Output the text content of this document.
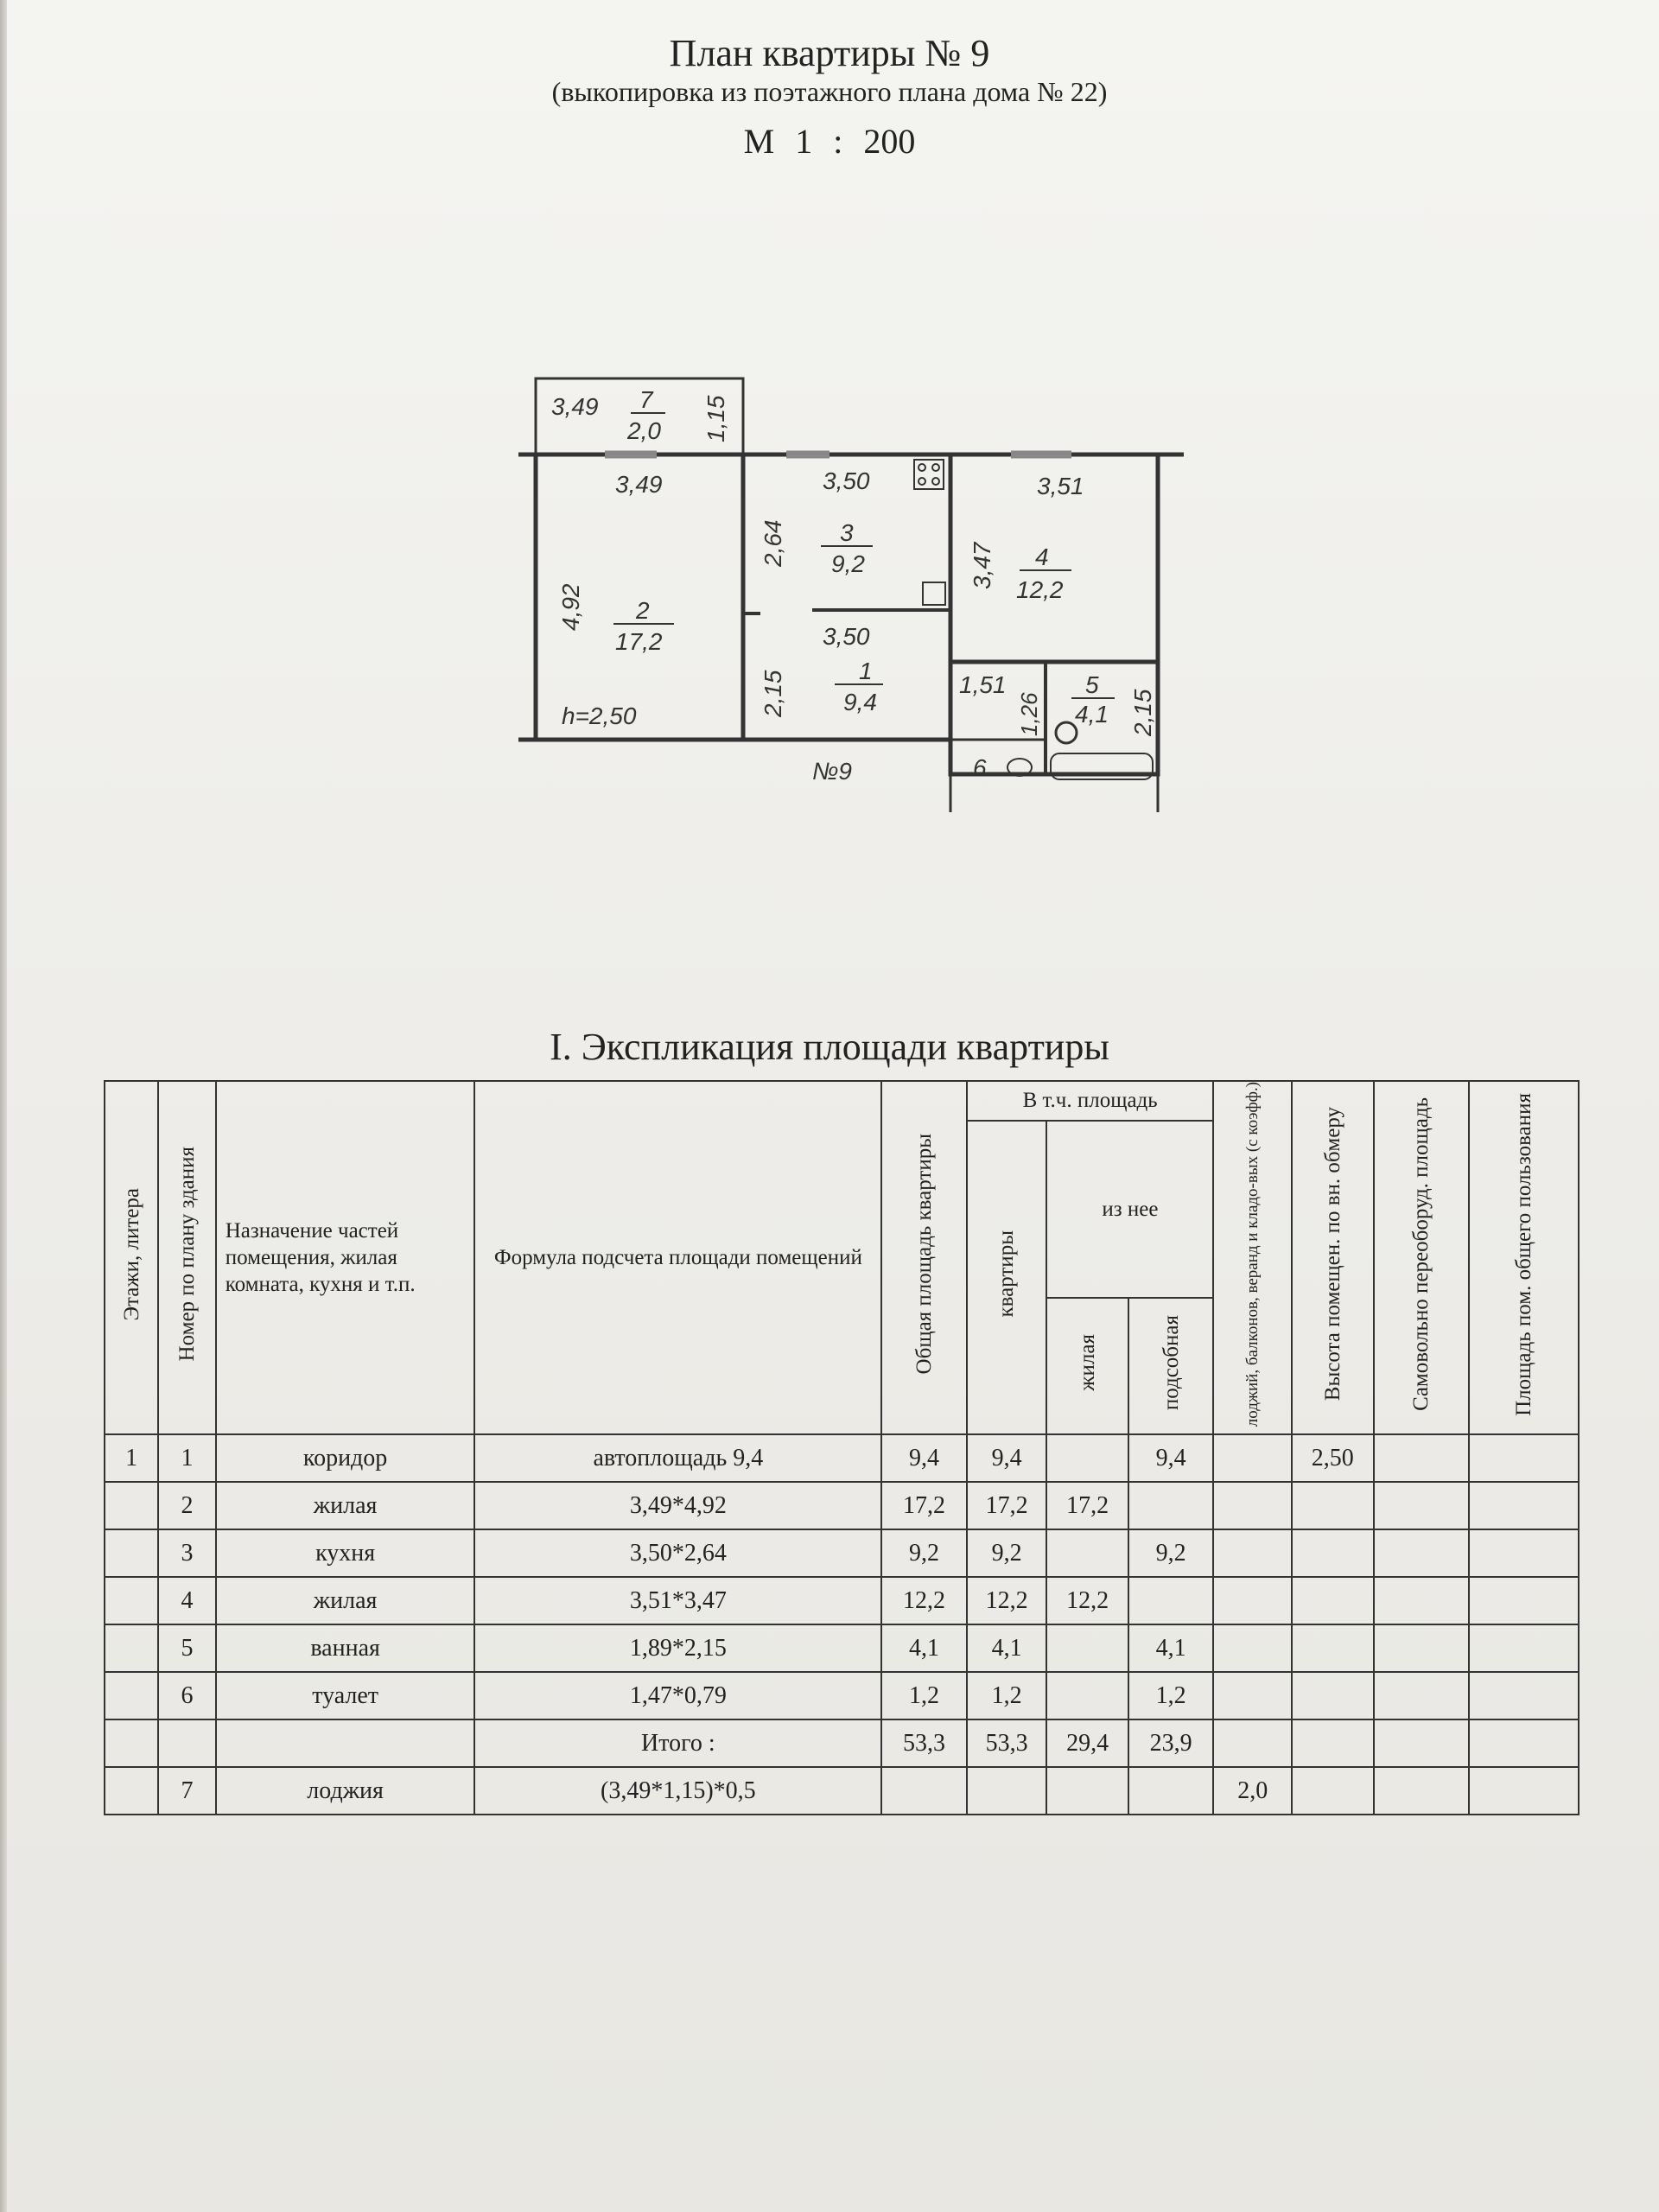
План квартиры № 9
(выкопировка из поэтажного плана дома № 22)
М 1 : 200
3,49 7
2,0 1,15
3,49
4,92 2
17,2
h=2,50
3,50
2,64 3
9,2
3,50
2,15	1
9,4
3,51
3,47 4
12,2
1,51
1,26
5
4,1 2,15
6
№9
I. Экспликация площади квартиры
Этажи, литера	Номер по плану здания	Назначение частей помещения, жилая комната, кухня и т.п.	Формула подсчета площади помещений	Общая площадь квартиры	В т.ч. площадь			лоджий, балконов, веранд и кладо-вых (с коэфф.)	Высота помещен. по вн. обмеру	Самовольно переоборуд. площадь	Площадь пом. общего пользования
					квартиры	из нее					
						жилая	подсобная				
1	1	коридор	автоплощадь 9,4	9,4	9,4		9,4		2,50		
	2	жилая	3,49*4,92	17,2	17,2	17,2					
	3	кухня	3,50*2,64	9,2	9,2		9,2				
	4	жилая	3,51*3,47	12,2	12,2	12,2					
	5	ванная	1,89*2,15	4,1	4,1		4,1				
	6	туалет	1,47*0,79	1,2	1,2		1,2				
			Итого :	53,3	53,3	29,4	23,9				
	7	лоджия	(3,49*1,15)*0,5					2,0			
